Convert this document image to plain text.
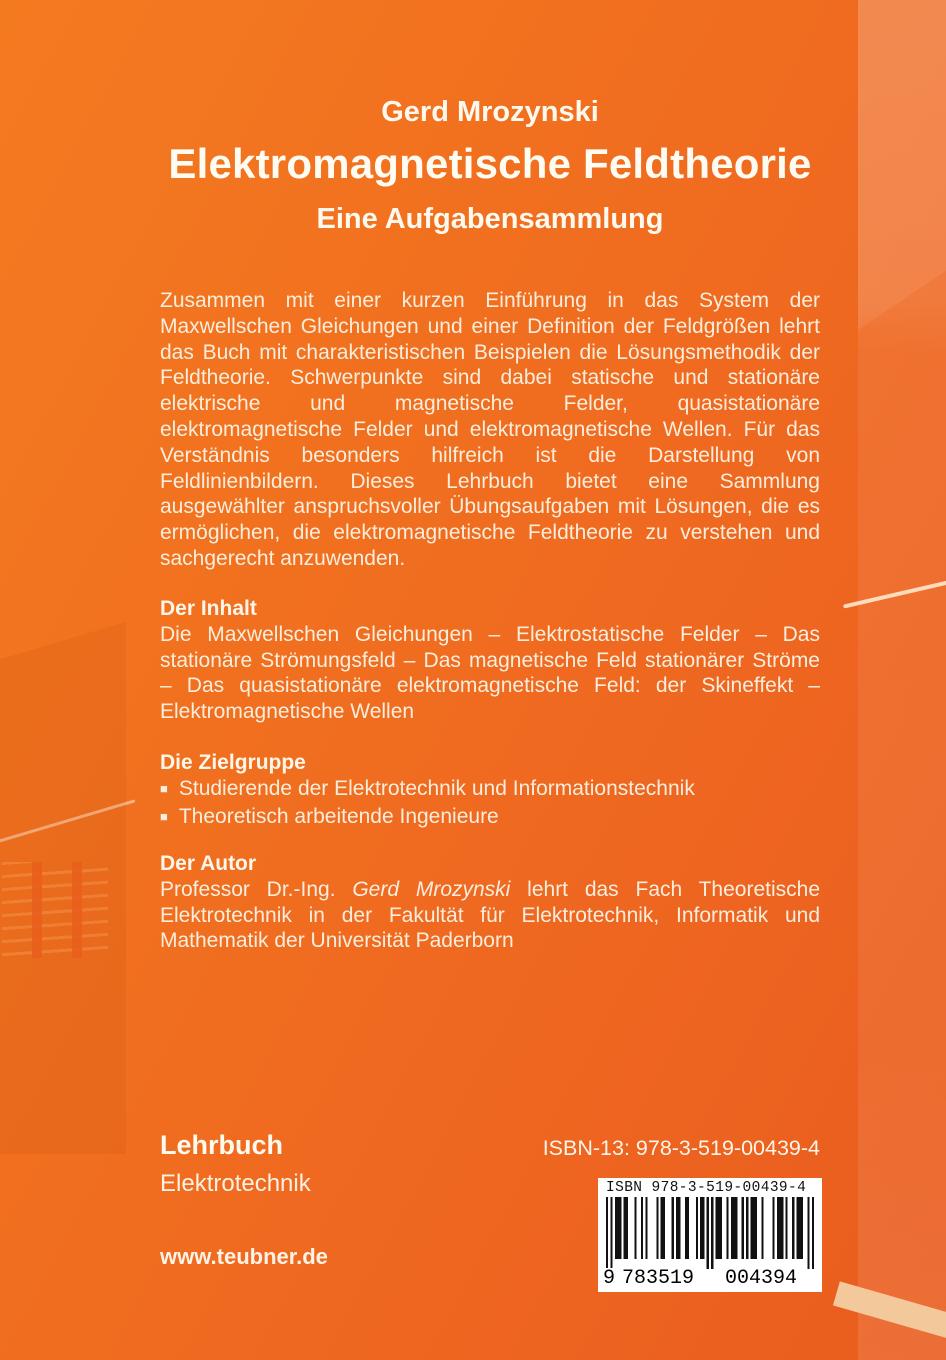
Gerd Mrozynski
Elektromagnetische Feldtheorie
Eine Aufgabensammlung
Zusammen mit einer kurzen Einführung in das System der Maxwellschen Gleichungen und einer Definition der Feldgrößen lehrt das Buch mit charakteristischen Beispielen die Lösungsmethodik der Feldtheorie. Schwerpunkte sind dabei statische und stationäre elektrische und magnetische Felder, quasistationäre elektromagnetische Felder und elektromagnetische Wellen. Für das Verständnis besonders hilfreich ist die Darstellung von Feldlinienbildern. Dieses Lehrbuch bietet eine Sammlung ausgewählter anspruchsvoller Übungsaufgaben mit Lösungen, die es ermöglichen, die elektromagnetische Feldtheorie zu verstehen und sachgerecht anzuwenden.
Der Inhalt
Die Maxwellschen Gleichungen – Elektrostatische Felder – Das stationäre Strömungsfeld – Das magnetische Feld stationärer Ströme – Das quasistationäre elektromagnetische Feld: der Skineffekt – Elektromagnetische Wellen
Die Zielgruppe
■ Studierende der Elektrotechnik und Informationstechnik
■ Theoretisch arbeitende Ingenieure
Der Autor
Professor Dr.-Ing. Gerd Mrozynski lehrt das Fach Theoretische Elektrotechnik in der Fakultät für Elektrotechnik, Informatik und Mathematik der Universität Paderborn
Lehrbuch
Elektrotechnik
ISBN-13: 978-3-519-00439-4
www.teubner.de
ISBN 978-3-519-00439-4
9 783519 004394
